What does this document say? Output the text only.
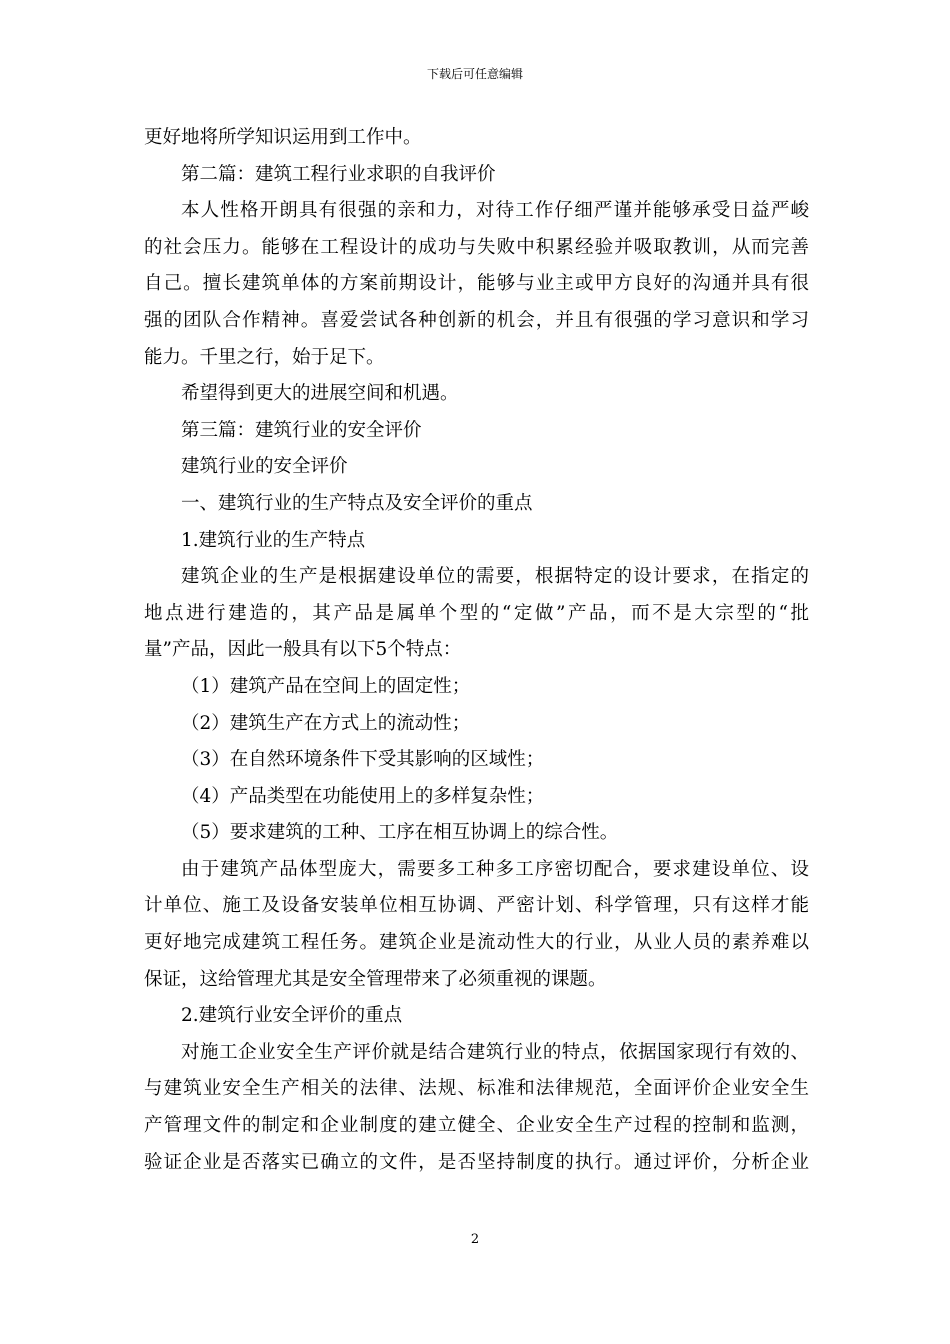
下载后可任意编辑
更好地将所学知识运用到工作中。
第二篇：建筑工程行业求职的自我评价
本人性格开朗具有很强的亲和力，对待工作仔细严谨并能够承受日益严峻
的社会压力。能够在工程设计的成功与失败中积累经验并吸取教训，从而完善
自己。擅长建筑单体的方案前期设计，能够与业主或甲方良好的沟通并具有很
强的团队合作精神。喜爱尝试各种创新的机会，并且有很强的学习意识和学习
能力。千里之行，始于足下。
希望得到更大的进展空间和机遇。
第三篇：建筑行业的安全评价
建筑行业的安全评价
一、建筑行业的生产特点及安全评价的重点
1.建筑行业的生产特点
建筑企业的生产是根据建设单位的需要，根据特定的设计要求，在指定的
地点进行建造的，其产品是属单个型的“定做”产品，而不是大宗型的“批
量”产品，因此一般具有以下5个特点：
（1）建筑产品在空间上的固定性；
（2）建筑生产在方式上的流动性；
（3）在自然环境条件下受其影响的区域性；
（4）产品类型在功能使用上的多样复杂性；
（5）要求建筑的工种、工序在相互协调上的综合性。
由于建筑产品体型庞大，需要多工种多工序密切配合，要求建设单位、设
计单位、施工及设备安装单位相互协调、严密计划、科学管理，只有这样才能
更好地完成建筑工程任务。建筑企业是流动性大的行业，从业人员的素养难以
保证，这给管理尤其是安全管理带来了必须重视的课题。
2.建筑行业安全评价的重点
对施工企业安全生产评价就是结合建筑行业的特点，依据国家现行有效的、
与建筑业安全生产相关的法律、法规、标准和法律规范，全面评价企业安全生
产管理文件的制定和企业制度的建立健全、企业安全生产过程的控制和监测，
验证企业是否落实已确立的文件，是否坚持制度的执行。通过评价，分析企业
2
